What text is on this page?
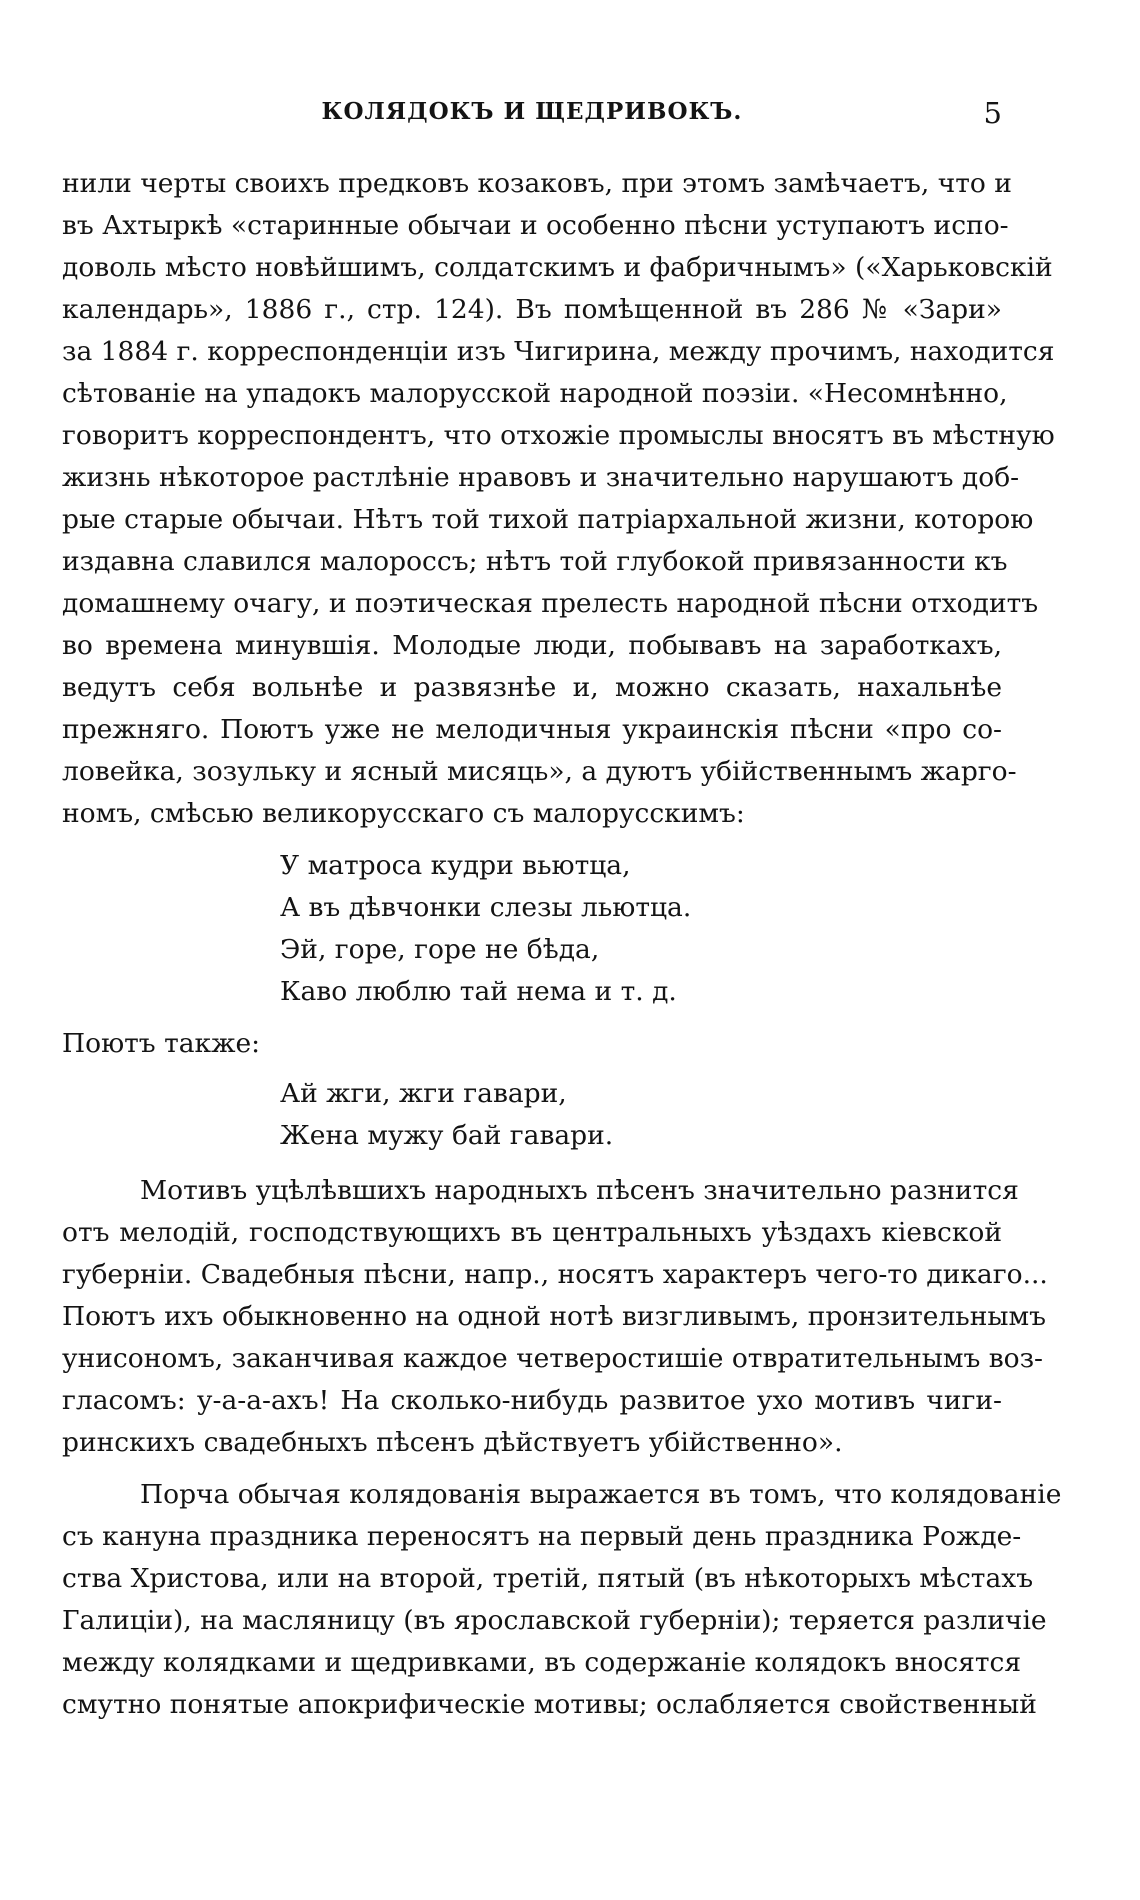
КОЛЯДОКЪ И ЩЕДРИВОКЪ.	5
нили черты своихъ предковъ козаковъ, при этомъ замѣчаетъ, что и
въ Ахтыркѣ «старинные обычаи и особенно пѣсни уступаютъ испо-
доволь мѣсто новѣйшимъ, солдатскимъ и фабричнымъ» («Харьковскій
календарь», 1886 г., стр. 124). Въ помѣщенной въ 286 № «Зари»
за 1884 г. корреспонденціи изъ Чигирина, между прочимъ, находится
сѣтованіе на упадокъ малорусской народной поэзіи. «Несомнѣнно,
говоритъ корреспондентъ, что отхожіе промыслы вносятъ въ мѣстную
жизнь нѣкоторое растлѣніе нравовъ и значительно нарушаютъ доб-
рые старые обычаи. Нѣтъ той тихой патріархальной жизни, которою
издавна славился малороссъ; нѣтъ той глубокой привязанности къ
домашнему очагу, и поэтическая прелесть народной пѣсни отходитъ
во времена минувшія. Молодые люди, побывавъ на заработкахъ,
ведутъ себя вольнѣе и развязнѣе и, можно сказать, нахальнѣе
прежняго. Поютъ уже не мелодичныя украинскія пѣсни «про со-
ловейка, зозульку и ясный мисяць», а дуютъ убійственнымъ жарго-
номъ, смѣсью великорусскаго съ малорусскимъ:
У матроса кудри вьютца,
А въ дѣвчонки слезы льютца.
Эй, горе, горе не бѣда,
Каво люблю тай нема и т. д.
Поютъ также:
Ай жги, жги гавари,
Жена мужу бай гавари.
Мотивъ уцѣлѣвшихъ народныхъ пѣсенъ значительно разнится
отъ мелодій, господствующихъ въ центральныхъ уѣздахъ кіевской
губерніи. Свадебныя пѣсни, напр., носятъ характеръ чего-то дикаго...
Поютъ ихъ обыкновенно на одной нотѣ визгливымъ, пронзительнымъ
унисономъ, заканчивая каждое четверостишіе отвратительнымъ воз-
гласомъ: у-а-а-ахъ! На сколько-нибудь развитое ухо мотивъ чиги-
ринскихъ свадебныхъ пѣсенъ дѣйствуетъ убійственно».
Порча обычая колядованія выражается въ томъ, что колядованіе
съ кануна праздника переносятъ на первый день праздника Рожде-
ства Христова, или на второй, третій, пятый (въ нѣкоторыхъ мѣстахъ
Галиціи), на масляницу (въ ярославской губерніи); теряется различіе
между колядками и щедривками, въ содержаніе колядокъ вносятся
смутно понятые апокрифическіе мотивы; ослабляется свойственный
